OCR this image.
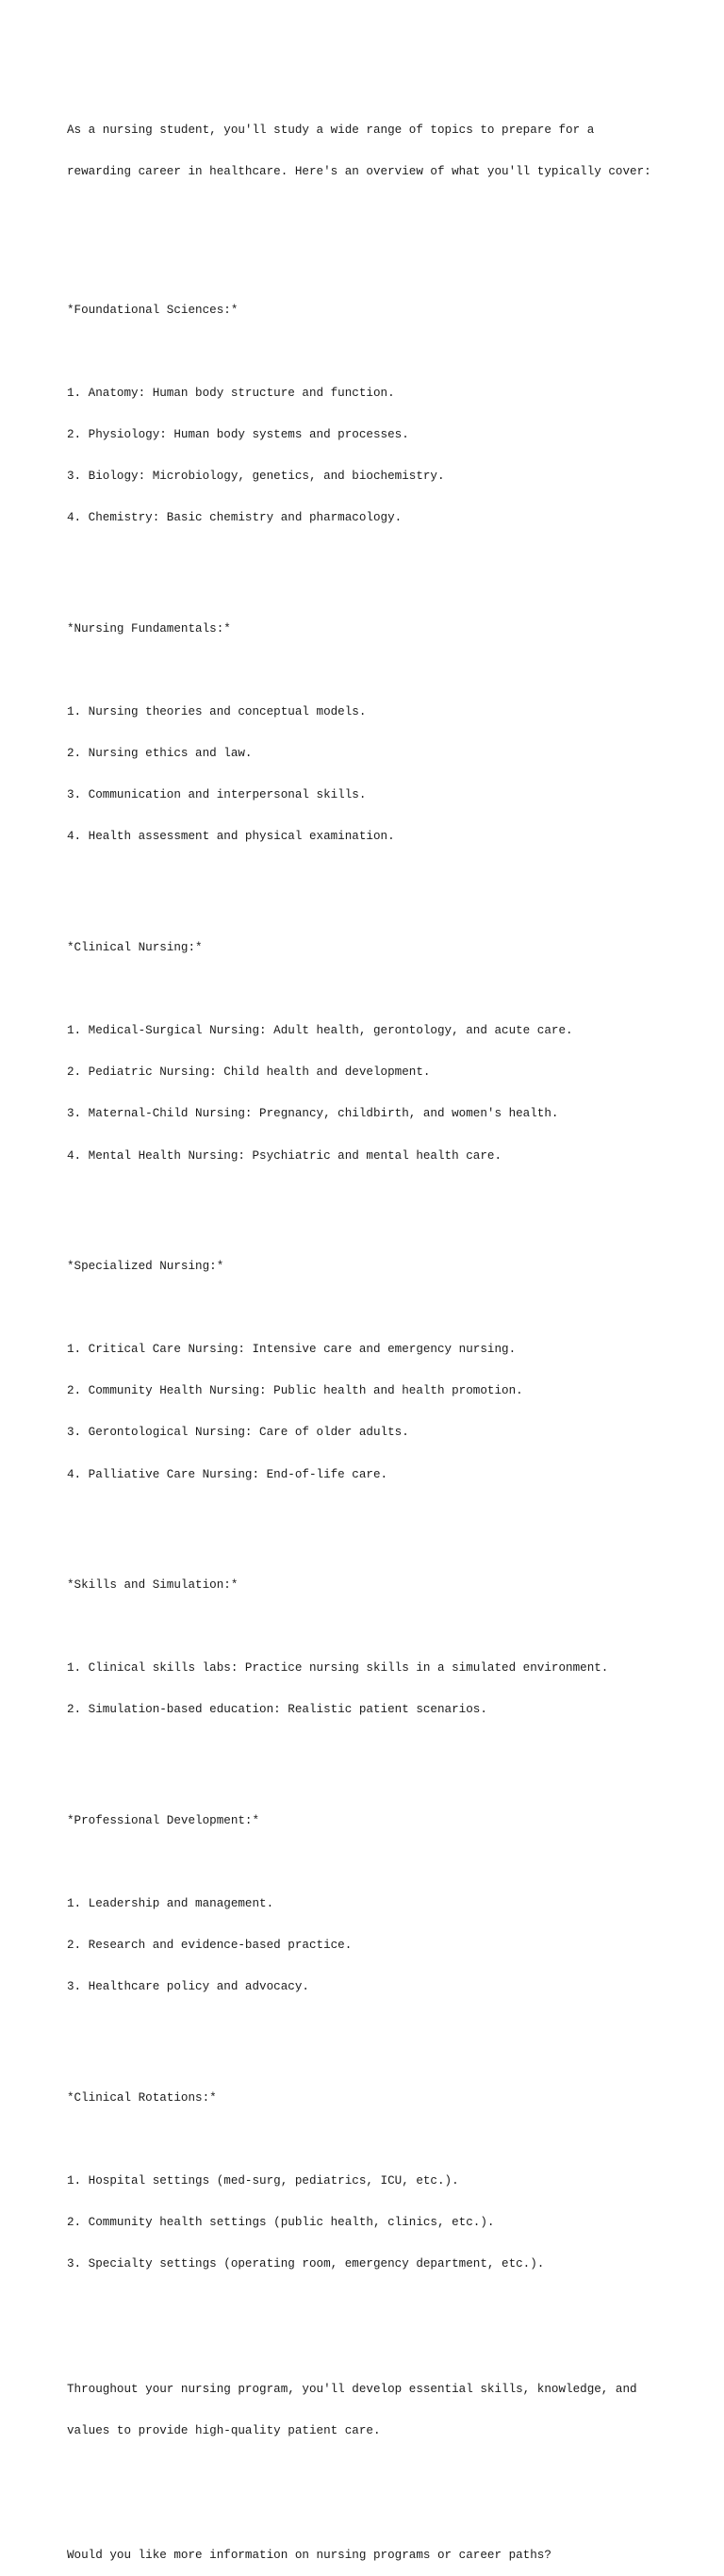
As a nursing student, you'll study a wide range of topics to prepare for a

rewarding career in healthcare. Here's an overview of what you'll typically cover:

*Foundational Sciences:*

1. Anatomy: Human body structure and function.

2. Physiology: Human body systems and processes.

3. Biology: Microbiology, genetics, and biochemistry.

4. Chemistry: Basic chemistry and pharmacology.

*Nursing Fundamentals:*

1. Nursing theories and conceptual models.

2. Nursing ethics and law.

3. Communication and interpersonal skills.

4. Health assessment and physical examination.

*Clinical Nursing:*

1. Medical-Surgical Nursing: Adult health, gerontology, and acute care.

2. Pediatric Nursing: Child health and development.

3. Maternal-Child Nursing: Pregnancy, childbirth, and women's health.

4. Mental Health Nursing: Psychiatric and mental health care.

*Specialized Nursing:*

1. Critical Care Nursing: Intensive care and emergency nursing.

2. Community Health Nursing: Public health and health promotion.

3. Gerontological Nursing: Care of older adults.

4. Palliative Care Nursing: End-of-life care.

*Skills and Simulation:*

1. Clinical skills labs: Practice nursing skills in a simulated environment.

2. Simulation-based education: Realistic patient scenarios.

*Professional Development:*

1. Leadership and management.

2. Research and evidence-based practice.

3. Healthcare policy and advocacy.

*Clinical Rotations:*

1. Hospital settings (med-surg, pediatrics, ICU, etc.).

2. Community health settings (public health, clinics, etc.).

3. Specialty settings (operating room, emergency department, etc.).

Throughout your nursing program, you'll develop essential skills, knowledge, and

values to provide high-quality patient care.

Would you like more information on nursing programs or career paths?
